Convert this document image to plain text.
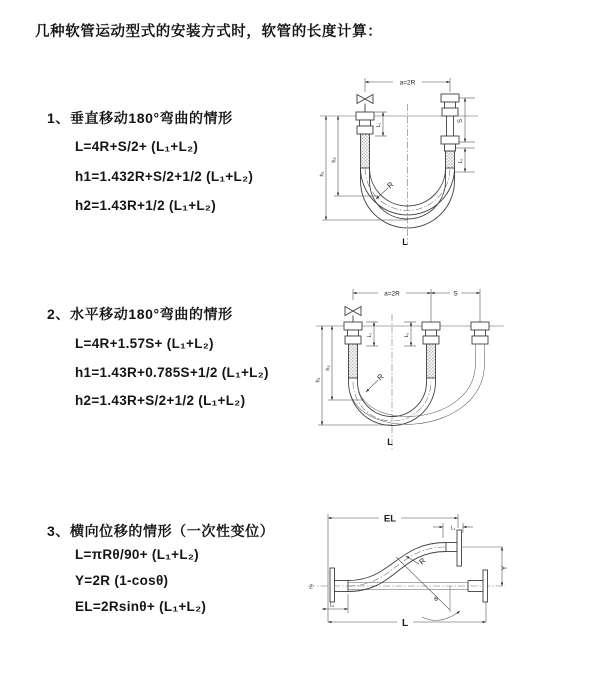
几种软管运动型式的安装方式时，软管的长度计算：
1、垂直移动180°弯曲的情形
L=4R+S/2+ (L₁+L₂)
h1=1.432R+S/2+1/2 (L₁+L₂)
h2=1.43R+1/2 (L₁+L₂)
2、水平移动180°弯曲的情形
L=4R+1.57S+ (L₁+L₂)
h1=1.43R+0.785S+1/2 (L₁+L₂)
h2=1.43R+S/2+1/2 (L₁+L₂)
3、横向位移的情形（一次性变位）
L=πRθ/90+ (L₁+L₂)
Y=2R (1-cosθ)
EL=2Rsinθ+ (L₁+L₂)
a=2R
h₁
h₂
L₁
S
L₂
R
L
a=2R	S
h₁
h₂
L₁	L₂
R
L
Z
EL
L₁
Y
R
θ
L₂
L
